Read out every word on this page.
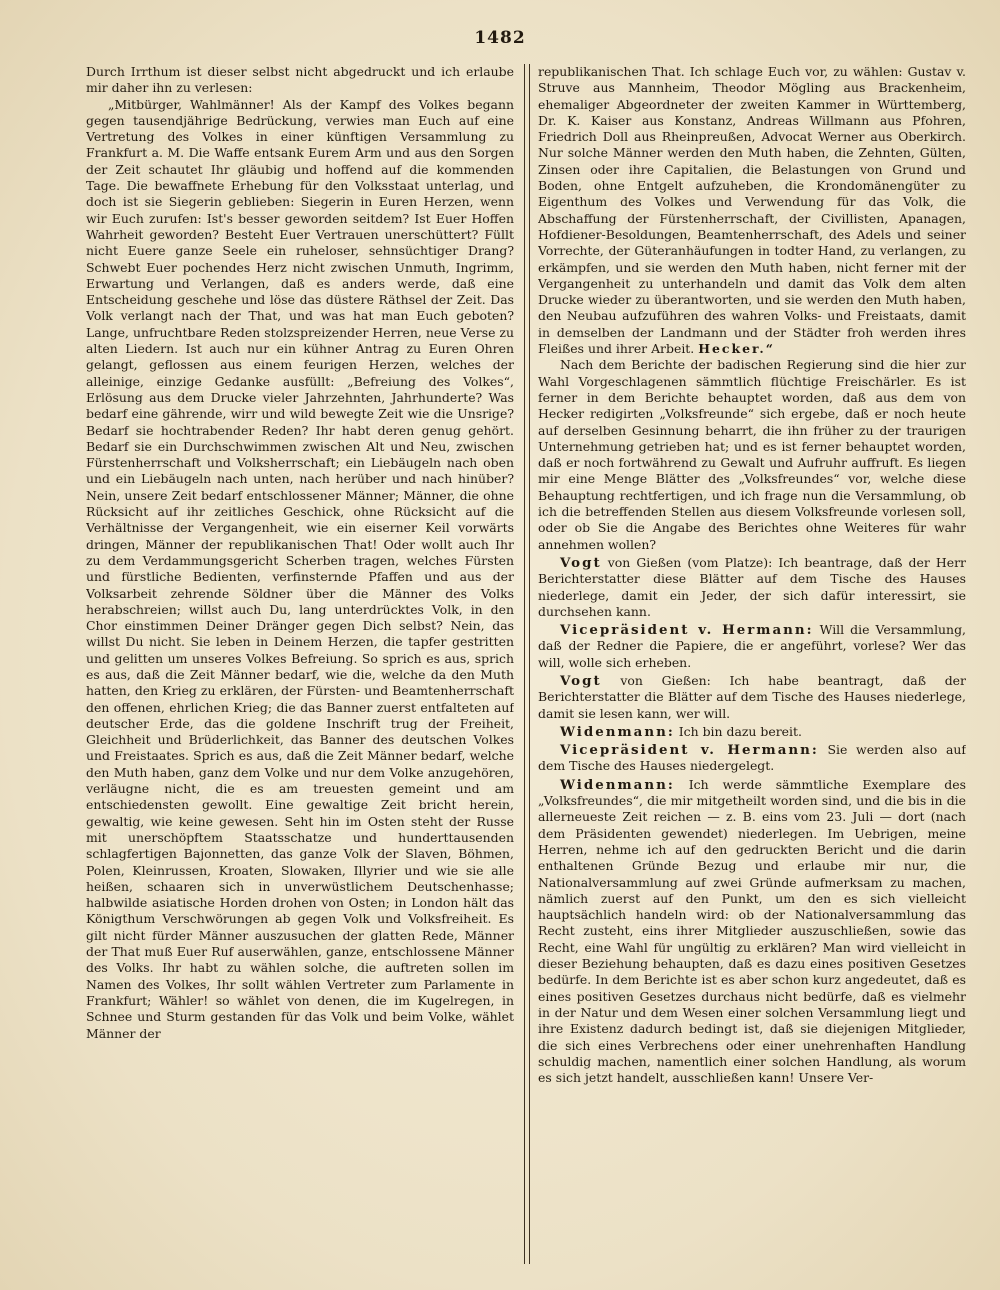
1482

Durch Irrthum ist dieser selbst nicht abgedruckt und ich erlaube mir daher ihn zu verlesen:

„Mitbürger, Wahlmänner! Als der Kampf des Volkes begann gegen tausendjährige Bedrückung, verwies man Euch auf eine Vertretung des Volkes in einer künftigen Versammlung zu Frankfurt a. M. Die Waffe entsank Eurem Arm und aus den Sorgen der Zeit schautet Ihr gläubig und hoffend auf die kommenden Tage. Die bewaffnete Erhebung für den Volksstaat unterlag, und doch ist sie Siegerin geblieben: Siegerin in Euren Herzen, wenn wir Euch zurufen: Ist's besser geworden seitdem? Ist Euer Hoffen Wahrheit geworden? Besteht Euer Vertrauen unerschüttert? Füllt nicht Euere ganze Seele ein ruheloser, sehnsüchtiger Drang? Schwebt Euer pochendes Herz nicht zwischen Unmuth, Ingrimm, Erwartung und Verlangen, daß es anders werde, daß eine Entscheidung geschehe und löse das düstere Räthsel der Zeit. Das Volk verlangt nach der That, und was hat man Euch geboten? Lange, unfruchtbare Reden stolzspreizender Herren, neue Verse zu alten Liedern. Ist auch nur ein kühner Antrag zu Euren Ohren gelangt, geflossen aus einem feurigen Herzen, welches der alleinige, einzige Gedanke ausfüllt: „Befreiung des Volkes“, Erlösung aus dem Drucke vieler Jahrzehnten, Jahrhunderte? Was bedarf eine gährende, wirr und wild bewegte Zeit wie die Unsrige? Bedarf sie hochtrabender Reden? Ihr habt deren genug gehört. Bedarf sie ein Durchschwimmen zwischen Alt und Neu, zwischen Fürstenherrschaft und Volksherrschaft; ein Liebäugeln nach oben und ein Liebäugeln nach unten, nach herüber und nach hinüber? Nein, unsere Zeit bedarf entschlossener Männer; Männer, die ohne Rücksicht auf ihr zeitliches Geschick, ohne Rücksicht auf die Verhältnisse der Vergangenheit, wie ein eiserner Keil vorwärts dringen, Männer der republikanischen That! Oder wollt auch Ihr zu dem Verdammungsgericht Scherben tragen, welches Fürsten und fürstliche Bedienten, verfinsternde Pfaffen und aus der Volksarbeit zehrende Söldner über die Männer des Volks herabschreien; willst auch Du, lang unterdrücktes Volk, in den Chor einstimmen Deiner Dränger gegen Dich selbst? Nein, das willst Du nicht. Sie leben in Deinem Herzen, die tapfer gestritten und gelitten um unseres Volkes Befreiung. So sprich es aus, sprich es aus, daß die Zeit Männer bedarf, wie die, welche da den Muth hatten, den Krieg zu erklären, der Fürsten- und Beamtenherrschaft den offenen, ehrlichen Krieg; die das Banner zuerst entfalteten auf deutscher Erde, das die goldene Inschrift trug der Freiheit, Gleichheit und Brüderlichkeit, das Banner des deutschen Volkes und Freistaates. Sprich es aus, daß die Zeit Männer bedarf, welche den Muth haben, ganz dem Volke und nur dem Volke anzugehören, verläugne nicht, die es am treuesten gemeint und am entschiedensten gewollt. Eine gewaltige Zeit bricht herein, gewaltig, wie keine gewesen. Seht hin im Osten steht der Russe mit unerschöpftem Staatsschatze und hunderttausenden schlagfertigen Bajonnetten, das ganze Volk der Slaven, Böhmen, Polen, Kleinrussen, Kroaten, Slowaken, Illyrier und wie sie alle heißen, schaaren sich in unverwüstlichem Deutschenhasse; halbwilde asiatische Horden drohen von Osten; in London hält das Königthum Verschwörungen ab gegen Volk und Volksfreiheit. Es gilt nicht fürder Männer auszusuchen der glatten Rede, Männer der That muß Euer Ruf auserwählen, ganze, entschlossene Männer des Volks. Ihr habt zu wählen solche, die auftreten sollen im Namen des Volkes, Ihr sollt wählen Vertreter zum Parlamente in Frankfurt; Wähler! so wählet von denen, die im Kugelregen, in Schnee und Sturm gestanden für das Volk und beim Volke, wählet Männer der

republikanischen That. Ich schlage Euch vor, zu wählen: Gustav v. Struve aus Mannheim, Theodor Mögling aus Brackenheim, ehemaliger Abgeordneter der zweiten Kammer in Württemberg, Dr. K. Kaiser aus Konstanz, Andreas Willmann aus Pfohren, Friedrich Doll aus Rheinpreußen, Advocat Werner aus Oberkirch. Nur solche Männer werden den Muth haben, die Zehnten, Gülten, Zinsen oder ihre Capitalien, die Belastungen von Grund und Boden, ohne Entgelt aufzuheben, die Krondomänengüter zu Eigenthum des Volkes und Verwendung für das Volk, die Abschaffung der Fürstenherrschaft, der Civillisten, Apanagen, Hofdiener-Besoldungen, Beamtenherrschaft, des Adels und seiner Vorrechte, der Güteranhäufungen in todter Hand, zu verlangen, zu erkämpfen, und sie werden den Muth haben, nicht ferner mit der Vergangenheit zu unterhandeln und damit das Volk dem alten Drucke wieder zu überantworten, und sie werden den Muth haben, den Neubau aufzuführen des wahren Volks- und Freistaats, damit in demselben der Landmann und der Städter froh werden ihres Fleißes und ihrer Arbeit. Hecker.“

Nach dem Berichte der badischen Regierung sind die hier zur Wahl Vorgeschlagenen sämmtlich flüchtige Freischärler. Es ist ferner in dem Berichte behauptet worden, daß aus dem von Hecker redigirten „Volksfreunde“ sich ergebe, daß er noch heute auf derselben Gesinnung beharrt, die ihn früher zu der traurigen Unternehmung getrieben hat; und es ist ferner behauptet worden, daß er noch fortwährend zu Gewalt und Aufruhr auffruft. Es liegen mir eine Menge Blätter des „Volksfreundes“ vor, welche diese Behauptung rechtfertigen, und ich frage nun die Versammlung, ob ich die betreffenden Stellen aus diesem Volksfreunde vorlesen soll, oder ob Sie die Angabe des Berichtes ohne Weiteres für wahr annehmen wollen?

Vogt von Gießen (vom Platze): Ich beantrage, daß der Herr Berichterstatter diese Blätter auf dem Tische des Hauses niederlege, damit ein Jeder, der sich dafür interessirt, sie durchsehen kann.

Vicepräsident v. Hermann: Will die Versammlung, daß der Redner die Papiere, die er angeführt, vorlese? Wer das will, wolle sich erheben.

Vogt von Gießen: Ich habe beantragt, daß der Berichterstatter die Blätter auf dem Tische des Hauses niederlege, damit sie lesen kann, wer will.

Widenmann: Ich bin dazu bereit.

Vicepräsident v. Hermann: Sie werden also auf dem Tische des Hauses niedergelegt.

Widenmann: Ich werde sämmtliche Exemplare des „Volksfreundes“, die mir mitgetheilt worden sind, und die bis in die allerneueste Zeit reichen — z. B. eins vom 23. Juli — dort (nach dem Präsidenten gewendet) niederlegen. Im Uebrigen, meine Herren, nehme ich auf den gedruckten Bericht und die darin enthaltenen Gründe Bezug und erlaube mir nur, die Nationalversammlung auf zwei Gründe aufmerksam zu machen, nämlich zuerst auf den Punkt, um den es sich vielleicht hauptsächlich handeln wird: ob der Nationalversammlung das Recht zusteht, eins ihrer Mitglieder auszuschließen, sowie das Recht, eine Wahl für ungültig zu erklären? Man wird vielleicht in dieser Beziehung behaupten, daß es dazu eines positiven Gesetzes bedürfe. In dem Berichte ist es aber schon kurz angedeutet, daß es eines positiven Gesetzes durchaus nicht bedürfe, daß es vielmehr in der Natur und dem Wesen einer solchen Versammlung liegt und ihre Existenz dadurch bedingt ist, daß sie diejenigen Mitglieder, die sich eines Verbrechens oder einer unehrenhaften Handlung schuldig machen, namentlich einer solchen Handlung, als worum es sich jetzt handelt, ausschließen kann! Unsere Ver-
